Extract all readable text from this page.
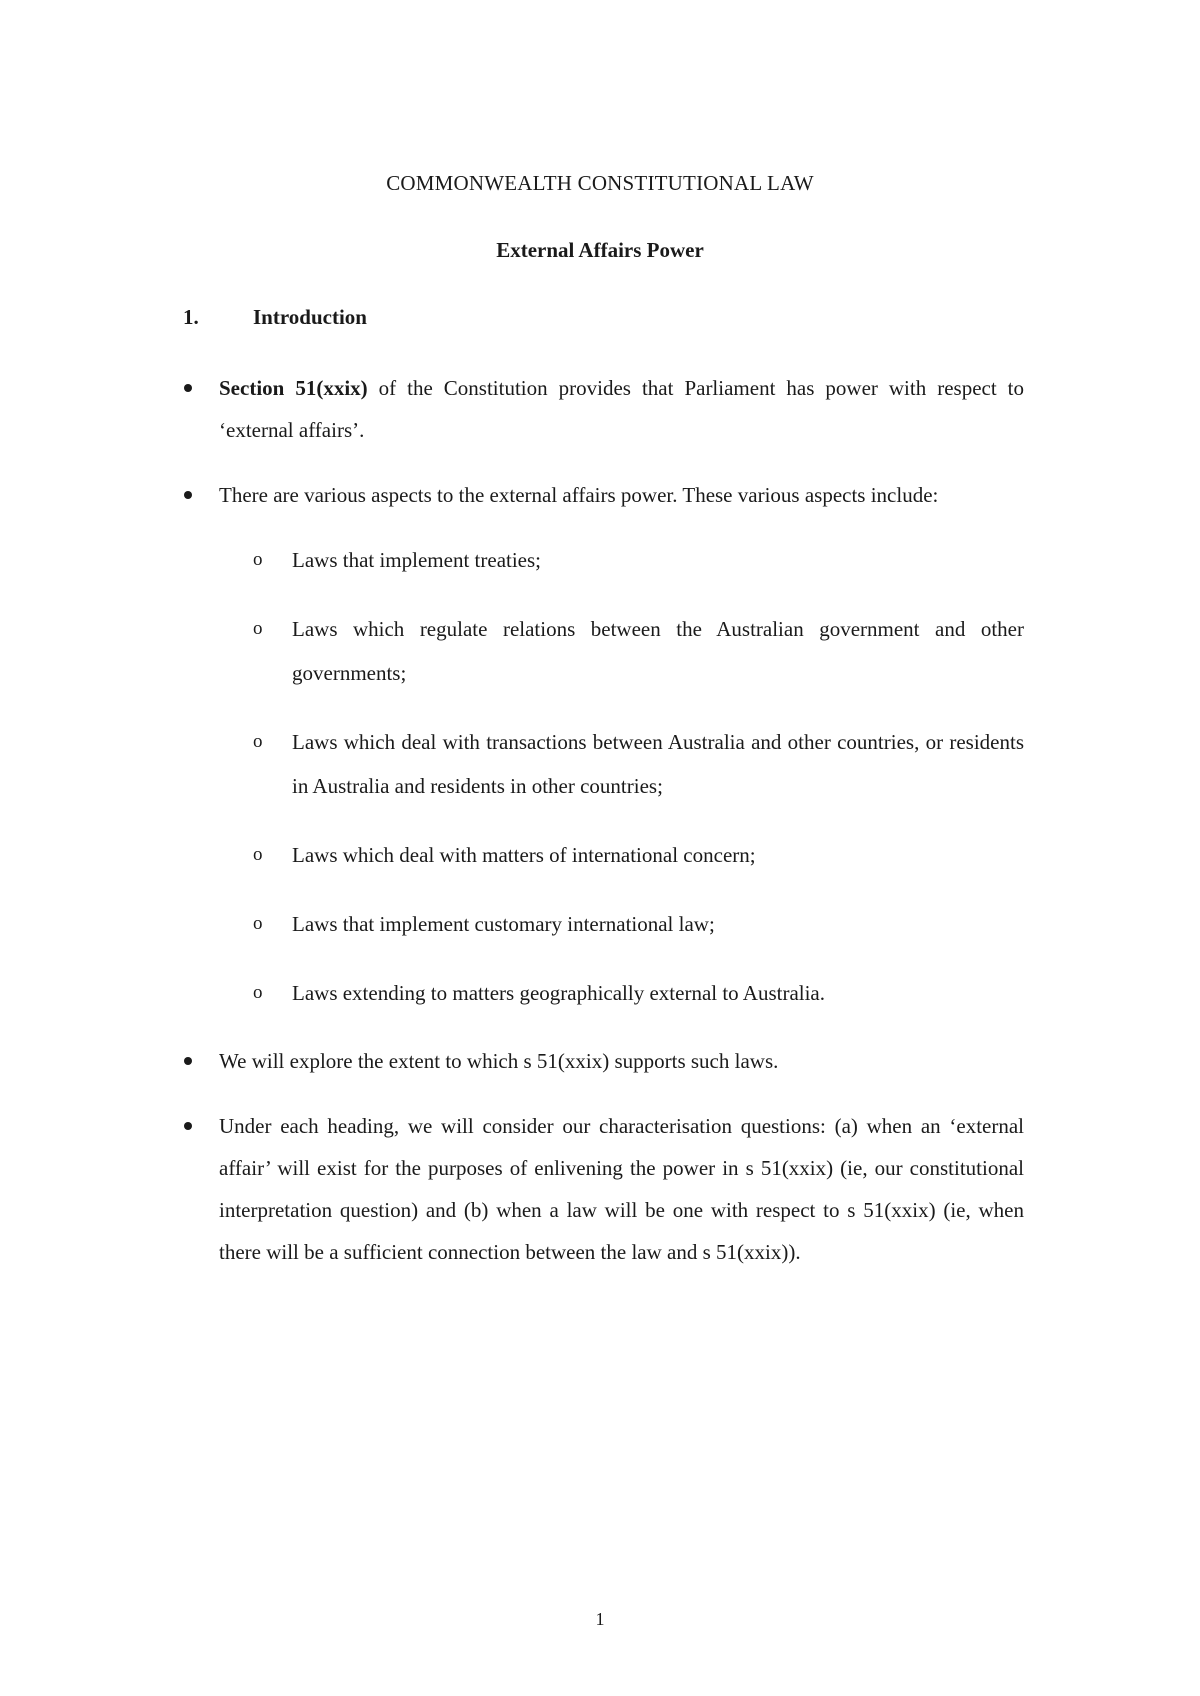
COMMONWEALTH CONSTITUTIONAL LAW
External Affairs Power
1.	Introduction
Section 51(xxix) of the Constitution provides that Parliament has power with respect to ‘external affairs’.
There are various aspects to the external affairs power. These various aspects include:
o Laws that implement treaties;
o Laws which regulate relations between the Australian government and other governments;
o Laws which deal with transactions between Australia and other countries, or residents in Australia and residents in other countries;
o Laws which deal with matters of international concern;
o Laws that implement customary international law;
o Laws extending to matters geographically external to Australia.
We will explore the extent to which s 51(xxix) supports such laws.
Under each heading, we will consider our characterisation questions: (a) when an ‘external affair’ will exist for the purposes of enlivening the power in s 51(xxix) (ie, our constitutional interpretation question) and (b) when a law will be one with respect to s 51(xxix) (ie, when there will be a sufficient connection between the law and s 51(xxix)).
1
